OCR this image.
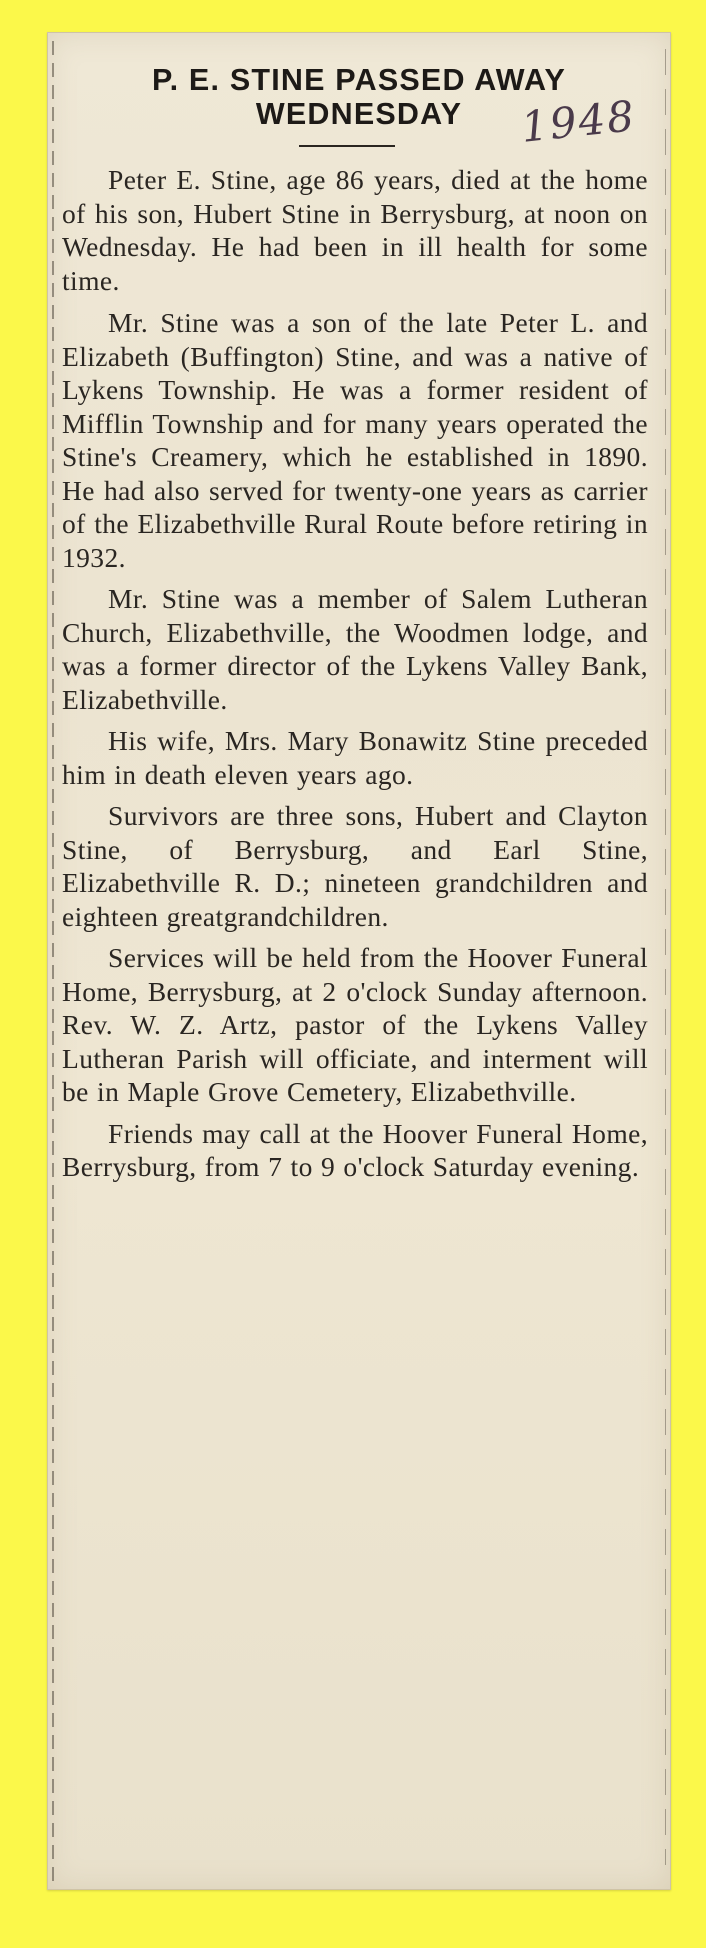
P. E. STINE PASSED AWAY
WEDNESDAY	1948

Peter E. Stine, age 86 years, died at the home of his son, Hubert Stine in Berrysburg, at noon on Wednesday. He had been in ill health for some time.

Mr. Stine was a son of the late Peter L. and Elizabeth (Buffington) Stine, and was a native of Lykens Township. He was a former resident of Mifflin Township and for many years operated the Stine's Creamery, which he established in 1890. He had also served for twenty-one years as carrier of the Elizabethville Rural Route before retiring in 1932.

Mr. Stine was a member of Salem Lutheran Church, Elizabethville, the Woodmen lodge, and was a former director of the Lykens Valley Bank, Elizabethville.

His wife, Mrs. Mary Bonawitz Stine preceded him in death eleven years ago.

Survivors are three sons, Hubert and Clayton Stine, of Berrysburg, and Earl Stine, Elizabethville R. D.; nineteen grandchildren and eighteen greatgrandchildren.

Services will be held from the Hoover Funeral Home, Berrysburg, at 2 o'clock Sunday afternoon. Rev. W. Z. Artz, pastor of the Lykens Valley Lutheran Parish will officiate, and interment will be in Maple Grove Cemetery, Elizabethville.

Friends may call at the Hoover Funeral Home, Berrysburg, from 7 to 9 o'clock Saturday evening.
